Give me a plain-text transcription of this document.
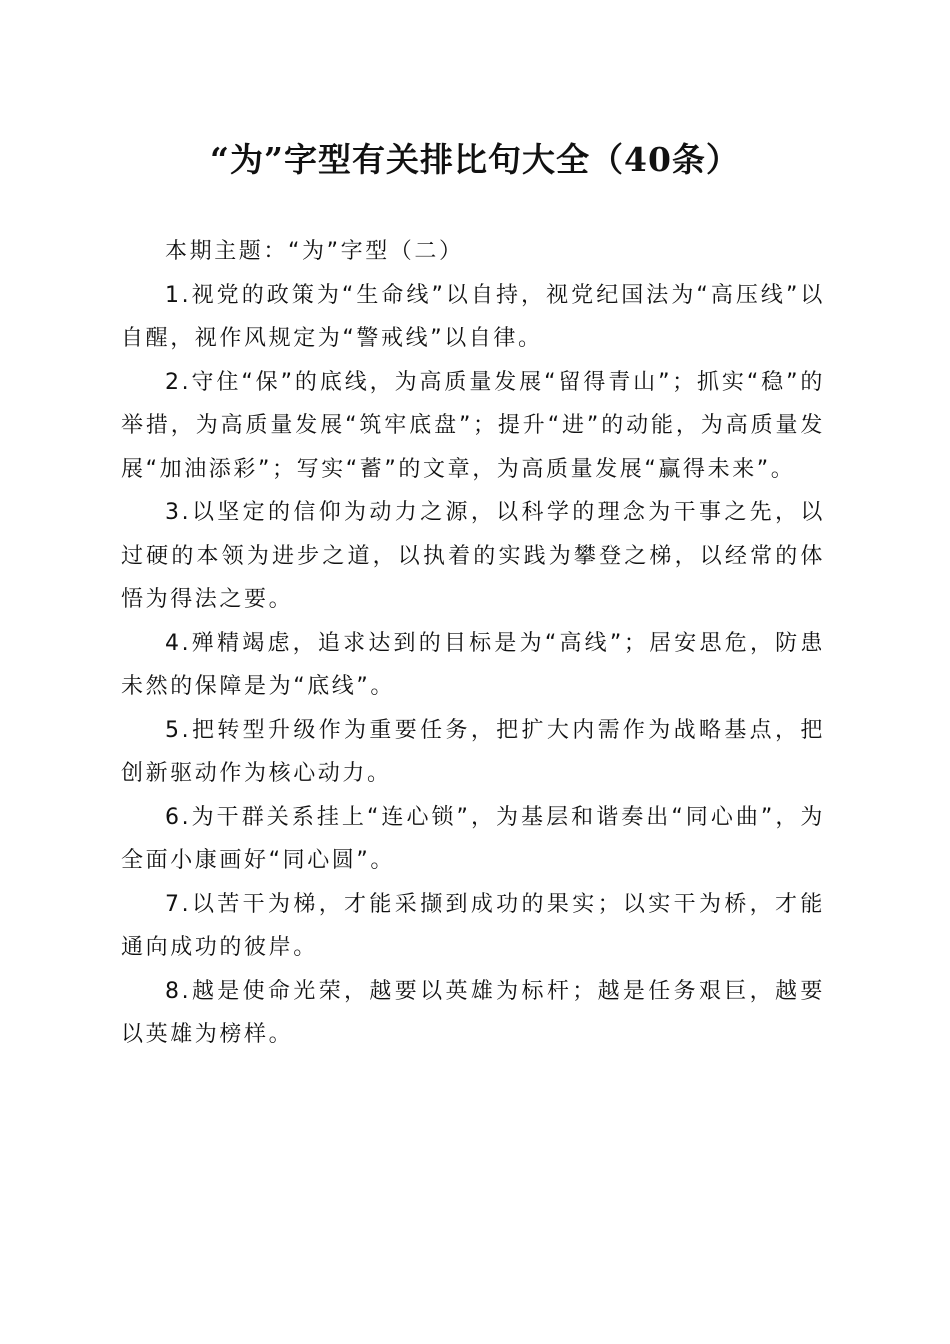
“为”字型有关排比句大全（40条）

本期主题：“为”字型（二）

1.视党的政策为“生命线”以自持，视党纪国法为“高压线”以自醒，视作风规定为“警戒线”以自律。

2.守住“保”的底线，为高质量发展“留得青山”；抓实“稳”的举措，为高质量发展“筑牢底盘”；提升“进”的动能，为高质量发展“加油添彩”；写实“蓄”的文章，为高质量发展“赢得未来”。

3.以坚定的信仰为动力之源，以科学的理念为干事之先，以过硬的本领为进步之道，以执着的实践为攀登之梯，以经常的体悟为得法之要。

4.殚精竭虑，追求达到的目标是为“高线”；居安思危，防患未然的保障是为“底线”。

5.把转型升级作为重要任务，把扩大内需作为战略基点，把创新驱动作为核心动力。

6.为干群关系挂上“连心锁”，为基层和谐奏出“同心曲”，为全面小康画好“同心圆”。

7.以苦干为梯，才能采撷到成功的果实；以实干为桥，才能通向成功的彼岸。

8.越是使命光荣，越要以英雄为标杆；越是任务艰巨，越要以英雄为榜样。
